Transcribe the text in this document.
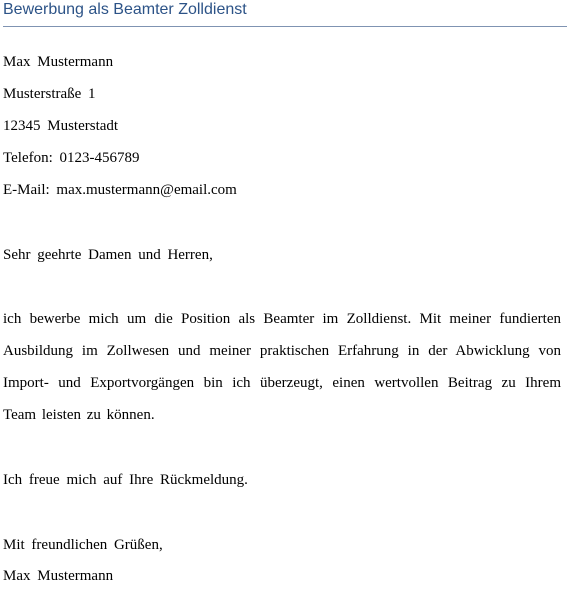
Bewerbung als Beamter Zolldienst
Max Mustermann
Musterstraße 1
12345 Musterstadt
Telefon: 0123-456789
E-Mail: max.mustermann@email.com
Sehr geehrte Damen und Herren,
ich bewerbe mich um die Position als Beamter im Zolldienst. Mit meiner fundierten Ausbildung im Zollwesen und meiner praktischen Erfahrung in der Abwicklung von Import- und Exportvorgängen bin ich überzeugt, einen wertvollen Beitrag zu Ihrem Team leisten zu können.
Ich freue mich auf Ihre Rückmeldung.
Mit freundlichen Grüßen,
Max Mustermann
